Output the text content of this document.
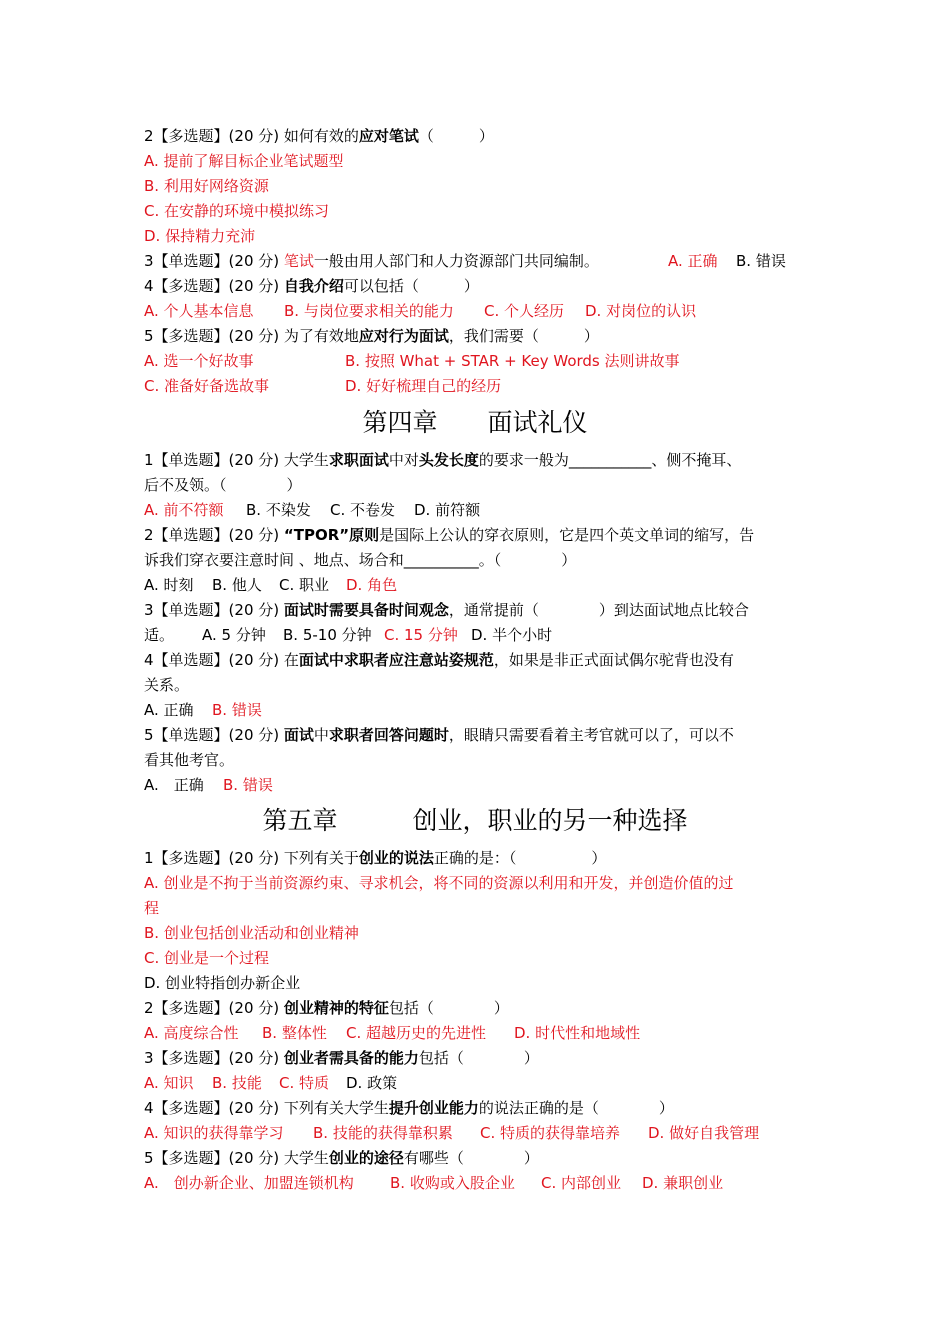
第四章　　面试礼仪
第五章　　　创业，职业的另一种选择
2【多选题】(20 分) 如何有效的应对笔试（　　　）
A. 提前了解目标企业笔试题型
B. 利用好网络资源
C. 在安静的环境中模拟练习
D. 保持精力充沛
3【单选题】(20 分) 笔试一般由用人部门和人力资源部门共同编制。	A. 正确 B. 错误
4【多选题】(20 分) 自我介绍可以包括（　　　）
A. 个人基本信息 B. 与岗位要求相关的能力 C. 个人经历 D. 对岗位的认识
5【多选题】(20 分) 为了有效地应对行为面试，我们需要（　　　）
A. 选一个好故事	B. 按照 What + STAR + Key Words 法则讲故事
C. 准备好备选故事	D. 好好梳理自己的经历
1【单选题】(20 分) 大学生求职面试中对头发长度的要求一般为___________、侧不掩耳、
后不及领。（　　　　）
A. 前不符额 B. 不染发 C. 不卷发 D. 前符额
2【单选题】(20 分) “TPOR”原则是国际上公认的穿衣原则，它是四个英文单词的缩写，告
诉我们穿衣要注意时间 、地点、场合和__________。（　　　　）
A. 时刻 B. 他人 C. 职业 D. 角色
3【单选题】(20 分) 面试时需要具备时间观念，通常提前（　　　　）到达面试地点比较合
适。 A. 5 分钟 B. 5-10 分钟 C. 15 分钟 D. 半个小时
4【单选题】(20 分) 在面试中求职者应注意站姿规范，如果是非正式面试偶尔驼背也没有
关系。
A. 正确 B. 错误
5【单选题】(20 分) 面试中求职者回答问题时，眼睛只需要看着主考官就可以了，可以不
看其他考官。
A.　正确 B. 错误
1【多选题】(20 分) 下列有关于创业的说法正确的是：（　　　　　）
A. 创业是不拘于当前资源约束、寻求机会，将不同的资源以利用和开发，并创造价值的过
程
B. 创业包括创业活动和创业精神
C. 创业是一个过程
D. 创业特指创办新企业
2【多选题】(20 分) 创业精神的特征包括（　　　　）
A. 高度综合性 B. 整体性 C. 超越历史的先进性 D. 时代性和地域性
3【多选题】(20 分) 创业者需具备的能力包括（　　　　）
A. 知识 B. 技能 C. 特质 D. 政策
4【多选题】(20 分) 下列有关大学生提升创业能力的说法正确的是（　　　　）
A. 知识的获得靠学习 B. 技能的获得靠积累 C. 特质的获得靠培养 D. 做好自我管理
5【多选题】(20 分) 大学生创业的途径有哪些（　　　　）
A.　创办新企业、加盟连锁机构 B. 收购或入股企业 C. 内部创业 D. 兼职创业
